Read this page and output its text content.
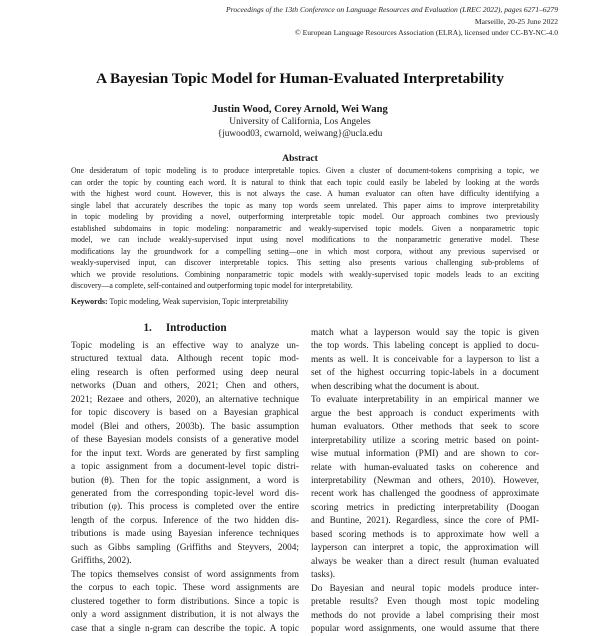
Proceedings of the 13th Conference on Language Resources and Evaluation (LREC 2022), pages 6271–6279
Marseille, 20-25 June 2022
© European Language Resources Association (ELRA), licensed under CC-BY-NC-4.0
A Bayesian Topic Model for Human-Evaluated Interpretability
Justin Wood, Corey Arnold, Wei Wang
University of California, Los Angeles
{juwood03, cwarnold, weiwang}@ucla.edu
Abstract
One desideratum of topic modeling is to produce interpretable topics. Given a cluster of document-tokens comprising a topic, we
can order the topic by counting each word. It is natural to think that each topic could easily be labeled by looking at the words
with the highest word count. However, this is not always the case. A human evaluator can often have difficulty identifying a
single label that accurately describes the topic as many top words seem unrelated. This paper aims to improve interpretability
in topic modeling by providing a novel, outperforming interpretable topic model. Our approach combines two previously
established subdomains in topic modeling: nonparametric and weakly-supervised topic models. Given a nonparametric topic
model, we can include weakly-supervised input using novel modifications to the nonparametric generative model. These
modifications lay the groundwork for a compelling setting—one in which most corpora, without any previous supervised or
weakly-supervised input, can discover interpretable topics. This setting also presents various challenging sub-problems of
which we provide resolutions. Combining nonparametric topic models with weakly-supervised topic models leads to an exciting
discovery—a complete, self-contained and outperforming topic model for interpretability.
Keywords: Topic modeling, Weak supervision, Topic interpretability
1. Introduction
Topic modeling is an effective way to analyze un-
structured textual data. Although recent topic mod-
eling research is often performed using deep neural
networks (Duan and others, 2021; Chen and others,
2021; Rezaee and others, 2020), an alternative technique
for topic discovery is based on a Bayesian graphical
model (Blei and others, 2003b). The basic assumption
of these Bayesian models consists of a generative model
for the input text. Words are generated by first sampling
a topic assignment from a document-level topic distri-
bution (θ). Then for the topic assignment, a word is
generated from the corresponding topic-level word dis-
tribution (φ). This process is completed over the entire
length of the corpus. Inference of the two hidden dis-
tributions is made using Bayesian inference techniques
such as Gibbs sampling (Griffiths and Steyvers, 2004;
Griffiths, 2002).
The topics themselves consist of word assignments from
the corpus to each topic. These word assignments are
clustered together to form distributions. Since a topic is
only a word assignment distribution, it is not always the
case that a single n-gram can describe the topic. A topic
match what a layperson would say the topic is given
the top words. This labeling concept is applied to docu-
ments as well. It is conceivable for a layperson to list a
set of the highest occurring topic-labels in a document
when describing what the document is about.
To evaluate interpretability in an empirical manner we
argue the best approach is conduct experiments with
human evaluators. Other methods that seek to score
interpretability utilize a scoring metric based on point-
wise mutual information (PMI) and are shown to cor-
relate with human-evaluated tasks on coherence and
interpretability (Newman and others, 2010). However,
recent work has challenged the goodness of approximate
scoring metrics in predicting interpretability (Doogan
and Buntine, 2021). Regardless, since the core of PMI-
based scoring methods is to approximate how well a
layperson can interpret a topic, the approximation will
always be weaker than a direct result (human evaluated
tasks).
Do Bayesian and neural topic models produce inter-
pretable results? Even though most topic modeling
methods do not provide a label comprising their most
popular word assignments, one would assume that there
